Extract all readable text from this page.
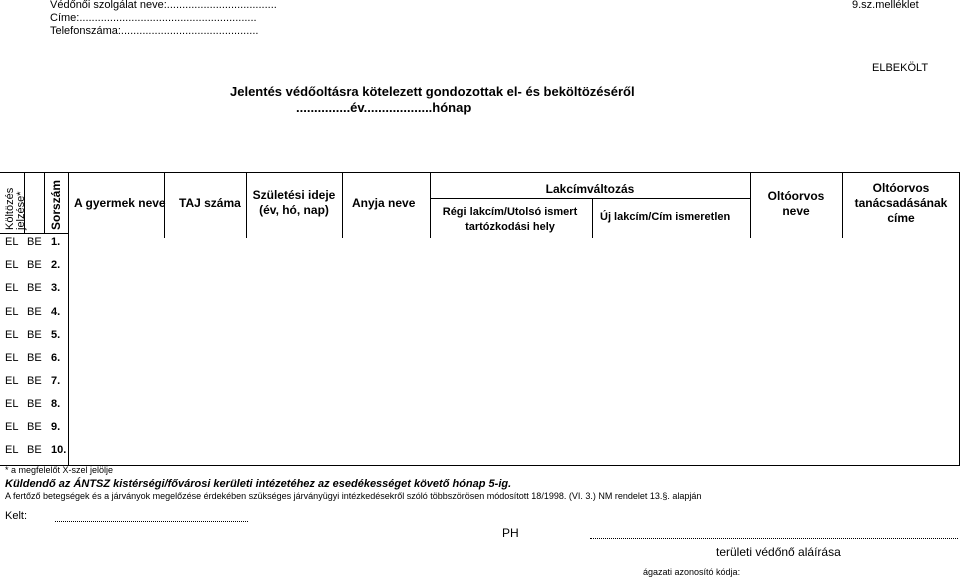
Védőnői szolgálat neve:....................................
Címe:..........................................................
Telefonszáma:.............................................
9.sz.melléklet
ELBEKÖLT
Jelentés védőoltásra kötelezett gondozottak el- és beköltözéséről
...............év...................hónap
Költözés jelzése* Sorszám A gyermek neve TAJ száma
Születési ideje (év, hó, nap)	Anyja neve
Lakcímváltozás
Régi lakcím/Utolsó ismert tartózkodási hely
Új lakcím/Cím ismeretlen
Oltóorvos neve
Oltóorvos tanácsadásának címe
EL BE 1.
EL BE 2.
EL BE 3.
EL BE 4.
EL BE 5.
EL BE 6.
EL BE 7.
EL BE 8.
EL BE 9.
EL BE 10.
* a megfelelőt X-szel jelölje
Küldendő az ÁNTSZ kistérségi/fővárosi kerületi intézetéhez az esedékességet követő hónap 5-ig.
A fertőző betegségek és a járványok megelőzése érdekében szükséges járványügyi intézkedésekről szóló többszörösen módosított 18/1998. (VI. 3.) NM rendelet 13.§. alapján
Kelt:
PH
területi védőnő aláírása
ágazati azonosító kódja:
